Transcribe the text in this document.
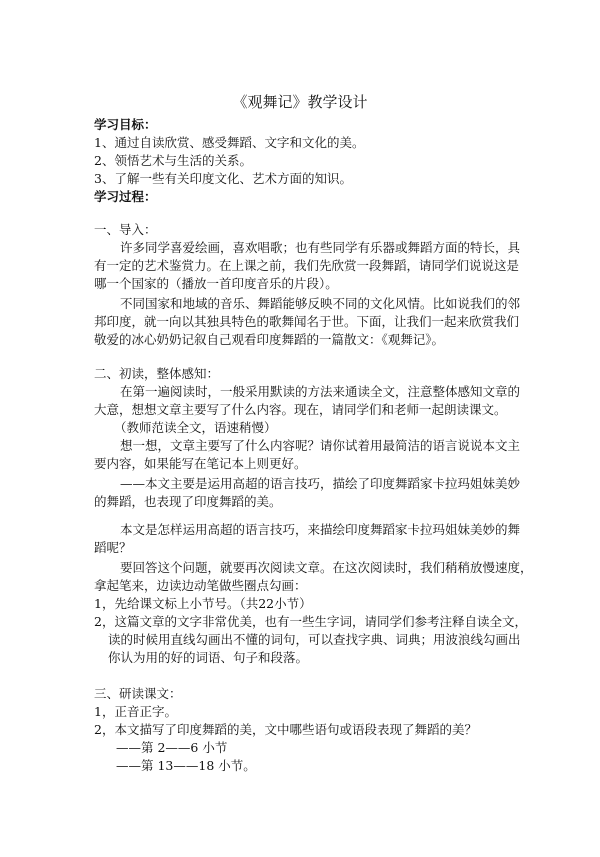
《观舞记》教学设计
学习目标：
1、通过自读欣赏、感受舞蹈、文字和文化的美。
2、领悟艺术与生活的关系。
3、了解一些有关印度文化、艺术方面的知识。
学习过程：
一、导入：
许多同学喜爱绘画，喜欢唱歌；也有些同学有乐器或舞蹈方面的特长，具
有一定的艺术鉴赏力。在上课之前，我们先欣赏一段舞蹈，请同学们说说这是
哪一个国家的（播放一首印度音乐的片段）。
不同国家和地域的音乐、舞蹈能够反映不同的文化风情。比如说我们的邻
邦印度，就一向以其独具特色的歌舞闻名于世。下面，让我们一起来欣赏我们
敬爱的冰心奶奶记叙自己观看印度舞蹈的一篇散文：《观舞记》。
二、初读，整体感知：
在第一遍阅读时，一般采用默读的方法来通读全文，注意整体感知文章的
大意，想想文章主要写了什么内容。现在，请同学们和老师一起朗读课文。
（教师范读全文，语速稍慢）
想一想，文章主要写了什么内容呢？请你试着用最简洁的语言说说本文主
要内容，如果能写在笔记本上则更好。
——本文主要是运用高超的语言技巧，描绘了印度舞蹈家卡拉玛姐妹美妙
的舞蹈，也表现了印度舞蹈的美。
本文是怎样运用高超的语言技巧，来描绘印度舞蹈家卡拉玛姐妹美妙的舞
蹈呢？
要回答这个问题，就要再次阅读文章。在这次阅读时，我们稍稍放慢速度，
拿起笔来，边读边动笔做些圈点勾画：
1，先给课文标上小节号。（共22小节）
2，这篇文章的文字非常优美，也有一些生字词，请同学们参考注释自读全文，
读的时候用直线勾画出不懂的词句，可以查找字典、词典；用波浪线勾画出
你认为用的好的词语、句子和段落。
三、研读课文：
1，正音正字。
2，本文描写了印度舞蹈的美，文中哪些语句或语段表现了舞蹈的美？
——第 2——6 小节
——第 13——18 小节。
